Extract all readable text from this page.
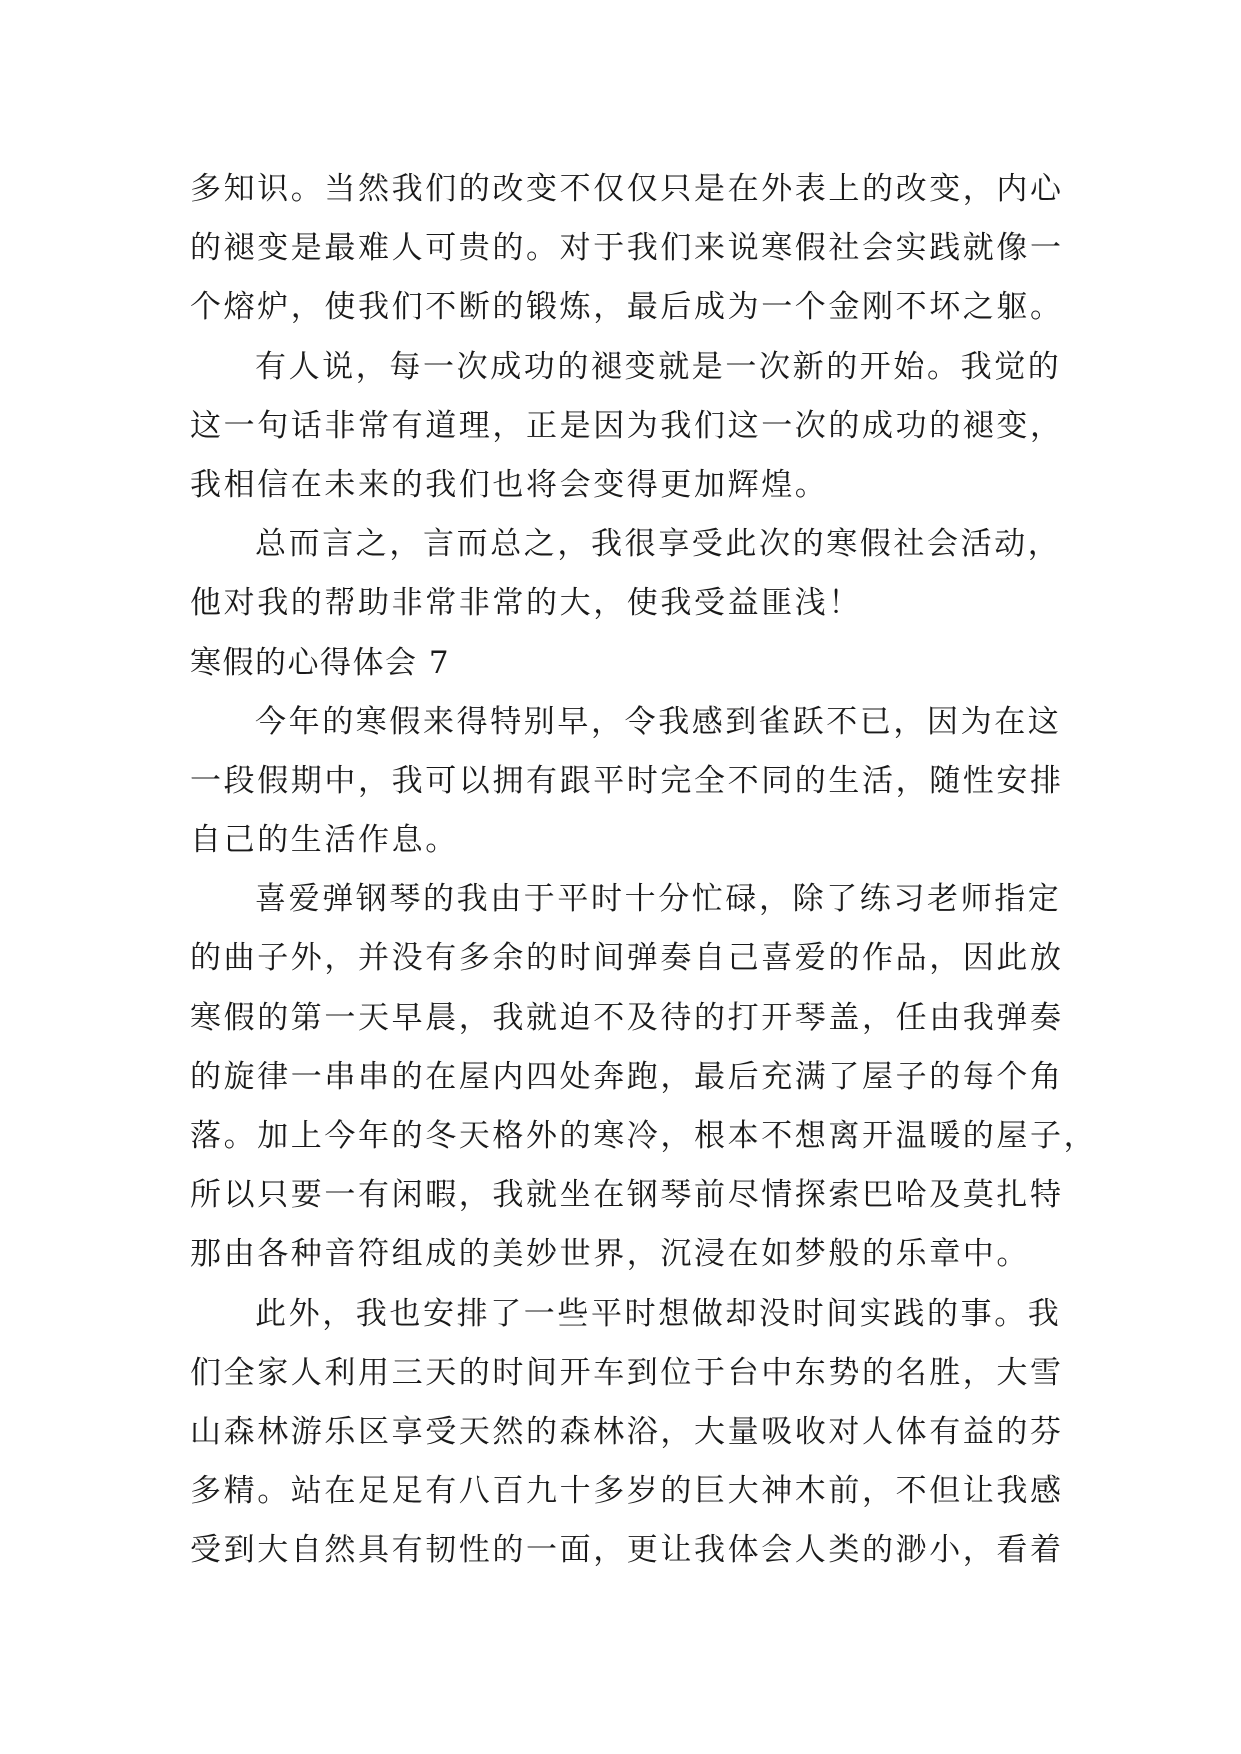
多知识。当然我们的改变不仅仅只是在外表上的改变，内心
的褪变是最难人可贵的。对于我们来说寒假社会实践就像一
个熔炉，使我们不断的锻炼，最后成为一个金刚不坏之躯。
有人说，每一次成功的褪变就是一次新的开始。我觉的
这一句话非常有道理，正是因为我们这一次的成功的褪变，
我相信在未来的我们也将会变得更加辉煌。
总而言之，言而总之，我很享受此次的寒假社会活动，
他对我的帮助非常非常的大，使我受益匪浅！
寒假的心得体会 7
今年的寒假来得特别早，令我感到雀跃不已，因为在这
一段假期中，我可以拥有跟平时完全不同的生活，随性安排
自己的生活作息。
喜爱弹钢琴的我由于平时十分忙碌，除了练习老师指定
的曲子外，并没有多余的时间弹奏自己喜爱的作品，因此放
寒假的第一天早晨，我就迫不及待的打开琴盖，任由我弹奏
的旋律一串串的在屋内四处奔跑，最后充满了屋子的每个角
落。加上今年的冬天格外的寒冷，根本不想离开温暖的屋子，
所以只要一有闲暇，我就坐在钢琴前尽情探索巴哈及莫扎特
那由各种音符组成的美妙世界，沉浸在如梦般的乐章中。
此外，我也安排了一些平时想做却没时间实践的事。我
们全家人利用三天的时间开车到位于台中东势的名胜，大雪
山森林游乐区享受天然的森林浴，大量吸收对人体有益的芬
多精。站在足足有八百九十多岁的巨大神木前，不但让我感
受到大自然具有韧性的一面，更让我体会人类的渺小，看着
